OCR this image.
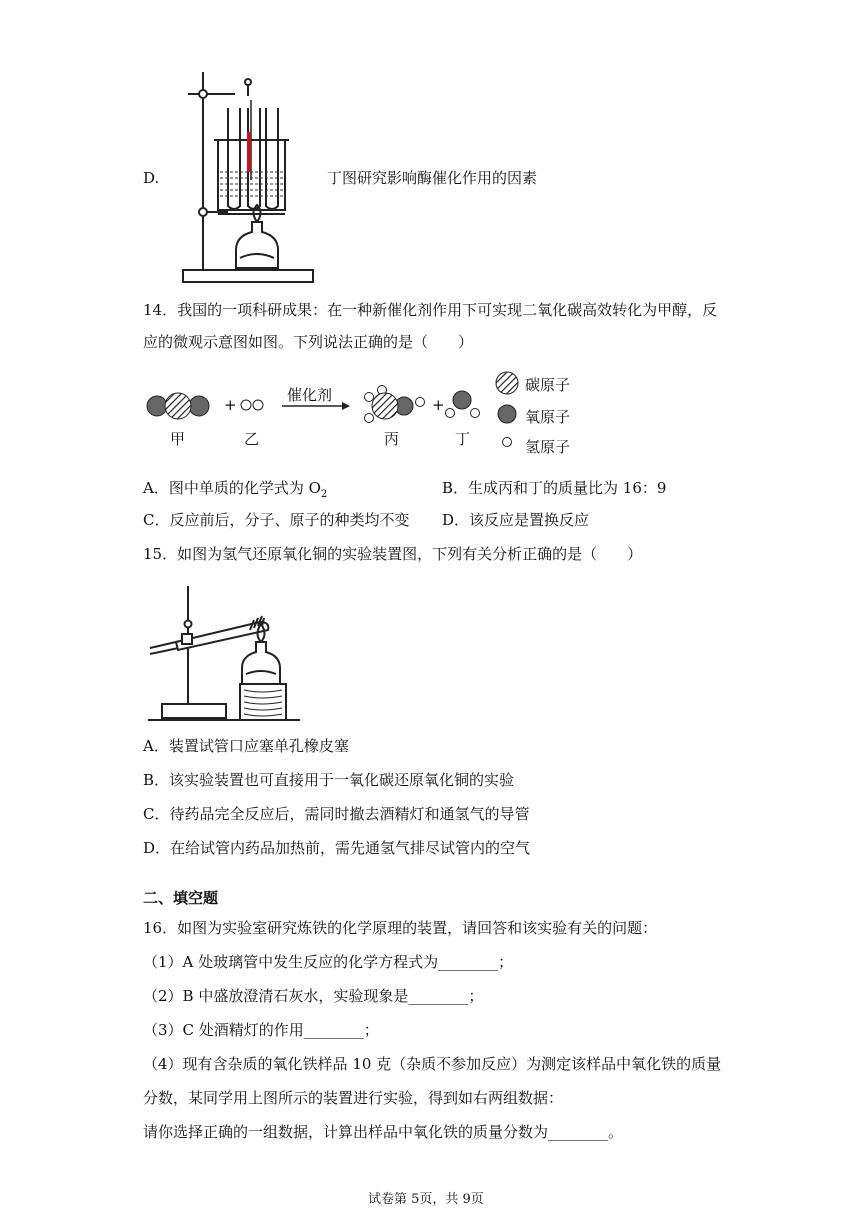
D.	丁图研究影响酶催化作用的因素
14．我国的一项科研成果：在一种新催化剂作用下可实现二氧化碳高效转化为甲醇，反
应的微观示意图如图。下列说法正确的是（　　）
催化剂
+	+
甲	乙	丙	丁
碳原子
氧原子
氢原子
A．图中单质的化学式为 $O_2$	B．生成丙和丁的质量比为 16：9
C．反应前后，分子、原子的种类均不变 D．该反应是置换反应
15．如图为氢气还原氧化铜的实验装置图，下列有关分析正确的是（　　）
A．装置试管口应塞单孔橡皮塞
B．该实验装置也可直接用于一氧化碳还原氧化铜的实验
C．待药品完全反应后，需同时撤去酒精灯和通氢气的导管
D．在给试管内药品加热前，需先通氢气排尽试管内的空气
二、填空题
16．如图为实验室研究炼铁的化学原理的装置，请回答和该实验有关的问题：
（1）A 处玻璃管中发生反应的化学方程式为________；
（2）B 中盛放澄清石灰水，实验现象是________；
（3）C 处酒精灯的作用________；
（4）现有含杂质的氧化铁样品 10 克（杂质不参加反应）为测定该样品中氧化铁的质量
分数，某同学用上图所示的装置进行实验，得到如右两组数据：
请你选择正确的一组数据，计算出样品中氧化铁的质量分数为________。
试卷第 5页，共 9页
